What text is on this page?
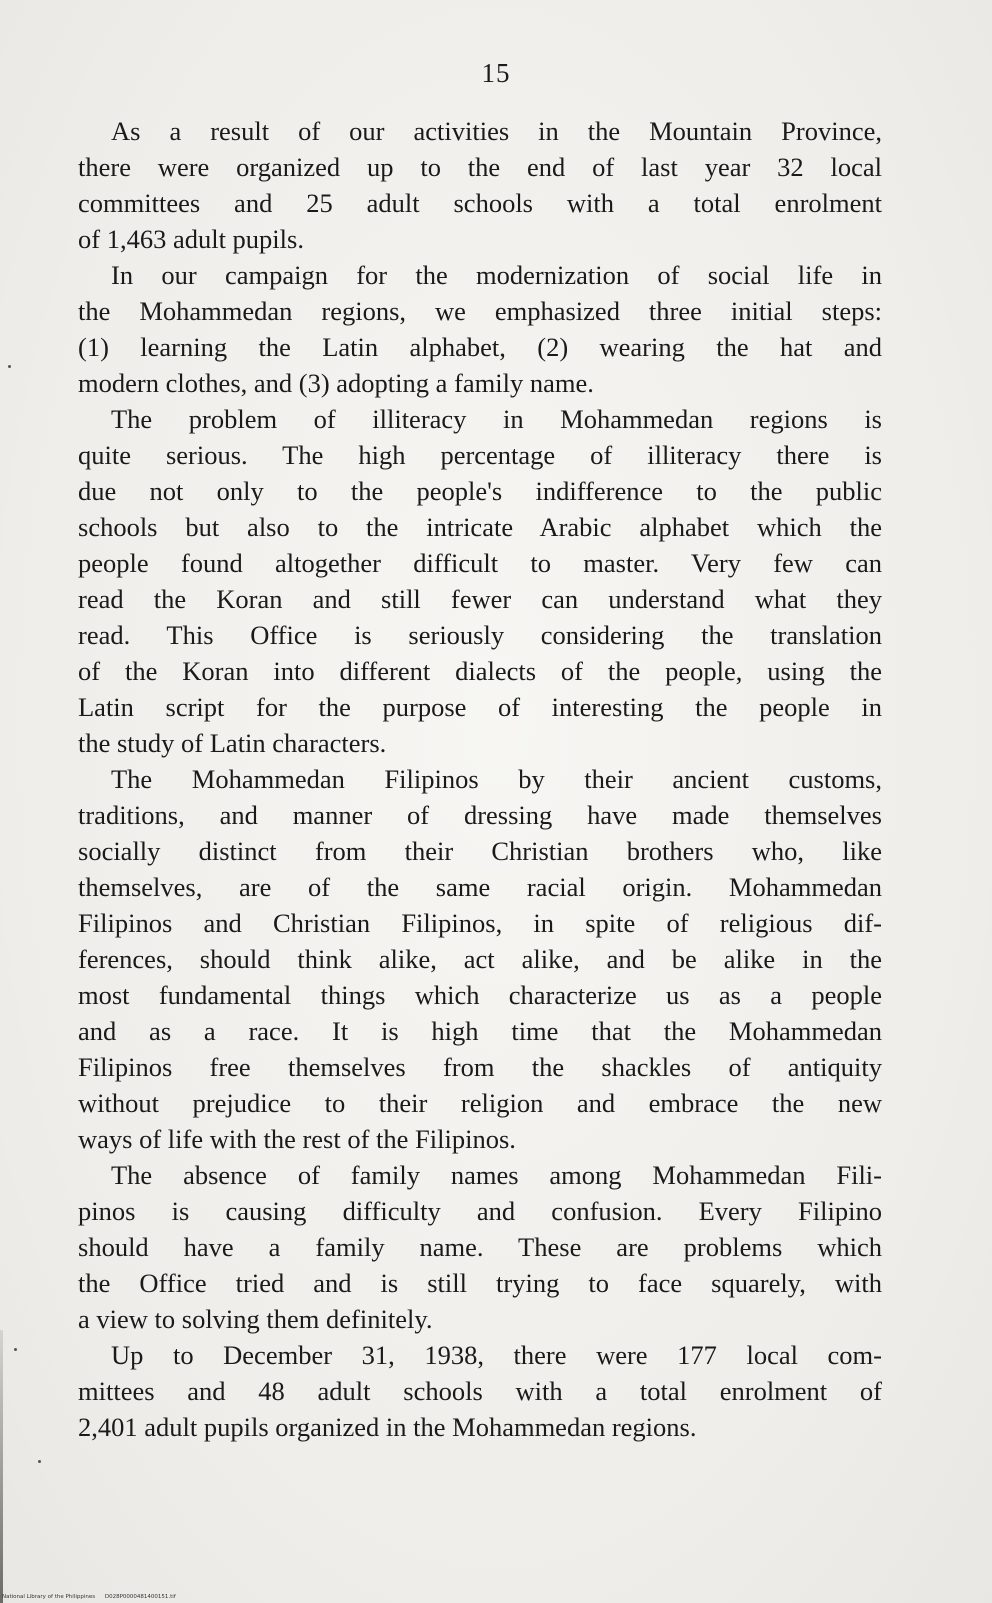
15
As a result of our activities in the Mountain Province,
there were organized up to the end of last year 32 local
committees and 25 adult schools with a total enrolment
of 1,463 adult pupils.
In our campaign for the modernization of social life in
the Mohammedan regions, we emphasized three initial steps:
(1) learning the Latin alphabet, (2) wearing the hat and
modern clothes, and (3) adopting a family name.
The problem of illiteracy in Mohammedan regions is
quite serious. The high percentage of illiteracy there is
due not only to the people's indifference to the public
schools but also to the intricate Arabic alphabet which the
people found altogether difficult to master. Very few can
read the Koran and still fewer can understand what they
read. This Office is seriously considering the translation
of the Koran into different dialects of the people, using the
Latin script for the purpose of interesting the people in
the study of Latin characters.
The Mohammedan Filipinos by their ancient customs,
traditions, and manner of dressing have made themselves
socially distinct from their Christian brothers who, like
themselves, are of the same racial origin. Mohammedan
Filipinos and Christian Filipinos, in spite of religious dif-
ferences, should think alike, act alike, and be alike in the
most fundamental things which characterize us as a people
and as a race. It is high time that the Mohammedan
Filipinos free themselves from the shackles of antiquity
without prejudice to their religion and embrace the new
ways of life with the rest of the Filipinos.
The absence of family names among Mohammedan Fili-
pinos is causing difficulty and confusion. Every Filipino
should have a family name. These are problems which
the Office tried and is still trying to face squarely, with
a view to solving them definitely.
Up to December 31, 1938, there were 177 local com-
mittees and 48 adult schools with a total enrolment of
2,401 adult pupils organized in the Mohammedan regions.
National Library of the Philippines D028P0000481400151.tif
